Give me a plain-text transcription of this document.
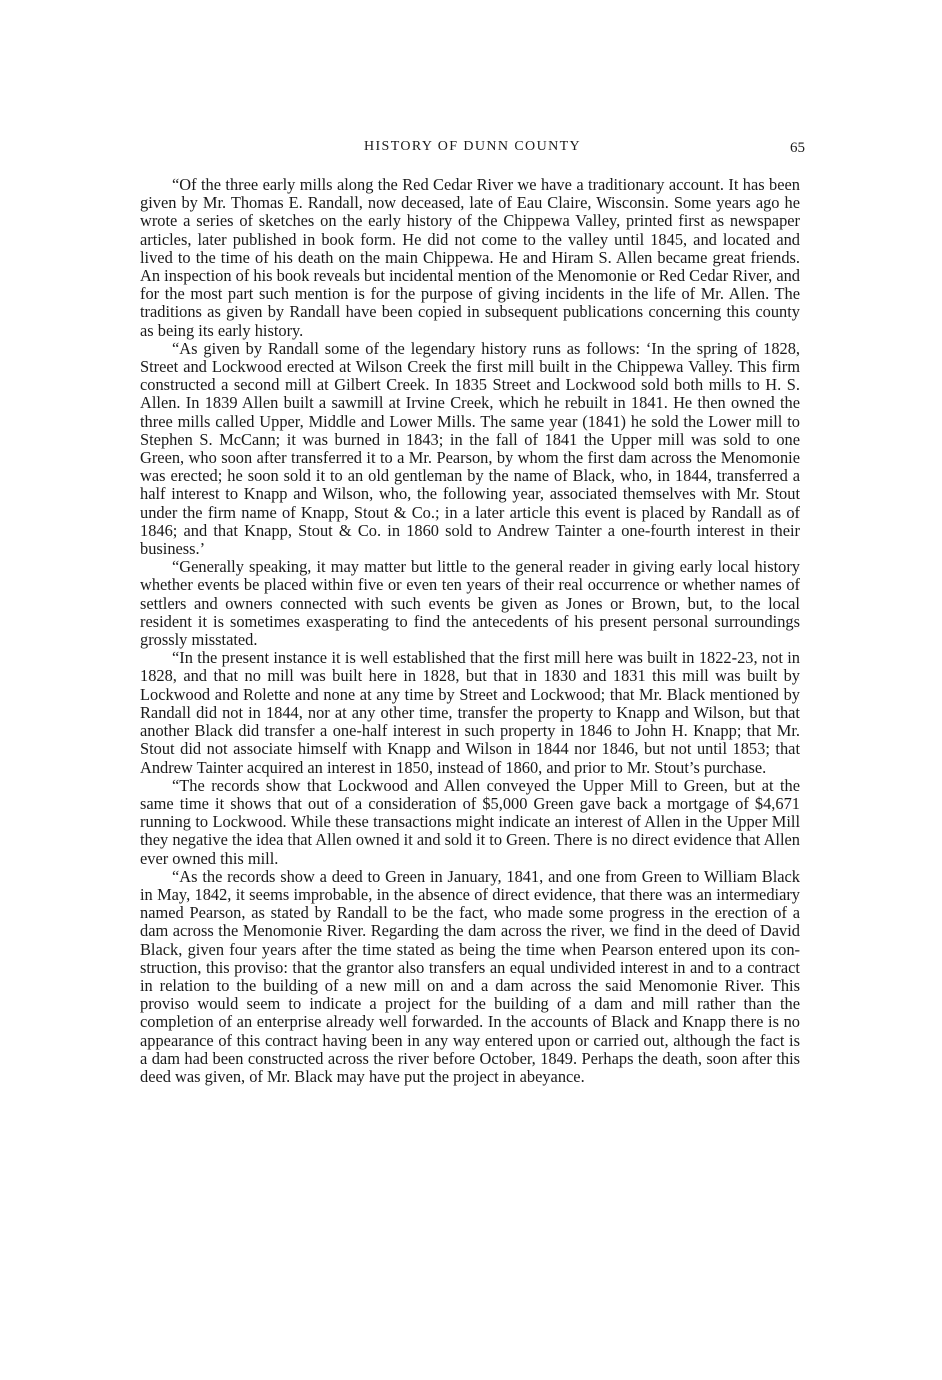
HISTORY OF DUNN COUNTY	65

“Of the three early mills along the Red Cedar River we have a traditionary account. It has been given by Mr. Thomas E. Randall, now deceased, late of Eau Claire, Wisconsin. Some years ago he wrote a series of sketches on the early history of the Chippewa Valley, printed first as newspaper articles, later published in book form. He did not come to the valley until 1845, and located and lived to the time of his death on the main Chippewa. He and Hiram S. Allen became great friends. An inspection of his book reveals but incidental mention of the Menomonie or Red Cedar River, and for the most part such mention is for the purpose of giving incidents in the life of Mr. Allen. The traditions as given by Randall have been copied in subsequent publications concerning this county as being its early history.

“As given by Randall some of the legendary history runs as follows: ‘In the spring of 1828, Street and Lockwood erected at Wilson Creek the first mill built in the Chippewa Valley. This firm constructed a second mill at Gilbert Creek. In 1835 Street and Lockwood sold both mills to H. S. Allen. In 1839 Allen built a sawmill at Irvine Creek, which he rebuilt in 1841. He then owned the three mills called Upper, Middle and Lower Mills. The same year (1841) he sold the Lower mill to Stephen S. McCann; it was burned in 1843; in the fall of 1841 the Upper mill was sold to one Green, who soon after transferred it to a Mr. Pearson, by whom the first dam across the Menomonie was erected; he soon sold it to an old gentleman by the name of Black, who, in 1844, transferred a half interest to Knapp and Wilson, who, the following year, associated themselves with Mr. Stout under the firm name of Knapp, Stout & Co.; in a later article this event is placed by Randall as of 1846; and that Knapp, Stout & Co. in 1860 sold to Andrew Tainter a one-fourth interest in their business.’

“Generally speaking, it may matter but little to the general reader in giving early local history whether events be placed within five or even ten years of their real occurrence or whether names of settlers and owners connected with such events be given as Jones or Brown, but, to the local resident it is sometimes exasperating to find the antecedents of his present personal surroundings grossly misstated.

“In the present instance it is well established that the first mill here was built in 1822-23, not in 1828, and that no mill was built here in 1828, but that in 1830 and 1831 this mill was built by Lockwood and Rolette and none at any time by Street and Lockwood; that Mr. Black mentioned by Randall did not in 1844, nor at any other time, transfer the property to Knapp and Wilson, but that another Black did transfer a one-half interest in such property in 1846 to John H. Knapp; that Mr. Stout did not associate himself with Knapp and Wilson in 1844 nor 1846, but not until 1853; that Andrew Tainter acquired an interest in 1850, instead of 1860, and prior to Mr. Stout’s purchase.

“The records show that Lockwood and Allen conveyed the Upper Mill to Green, but at the same time it shows that out of a consideration of $5,000 Green gave back a mortgage of $4,671 running to Lockwood. While these transactions might indicate an interest of Allen in the Upper Mill they negative the idea that Allen owned it and sold it to Green. There is no direct evidence that Allen ever owned this mill.

“As the records show a deed to Green in January, 1841, and one from Green to William Black in May, 1842, it seems improbable, in the absence of direct evidence, that there was an intermediary named Pearson, as stated by Randall to be the fact, who made some progress in the erection of a dam across the Menomonie River. Regarding the dam across the river, we find in the deed of David Black, given four years after the time stated as being the time when Pearson entered upon its construction, this proviso: that the grantor also transfers an equal undivided interest in and to a contract in relation to the building of a new mill on and a dam across the said Menomonie River. This proviso would seem to indicate a project for the building of a dam and mill rather than the completion of an enterprise already well forwarded. In the accounts of Black and Knapp there is no appearance of this contract having been in any way entered upon or carried out, although the fact is a dam had been constructed across the river before October, 1849. Perhaps the death, soon after this deed was given, of Mr. Black may have put the project in abeyance.
